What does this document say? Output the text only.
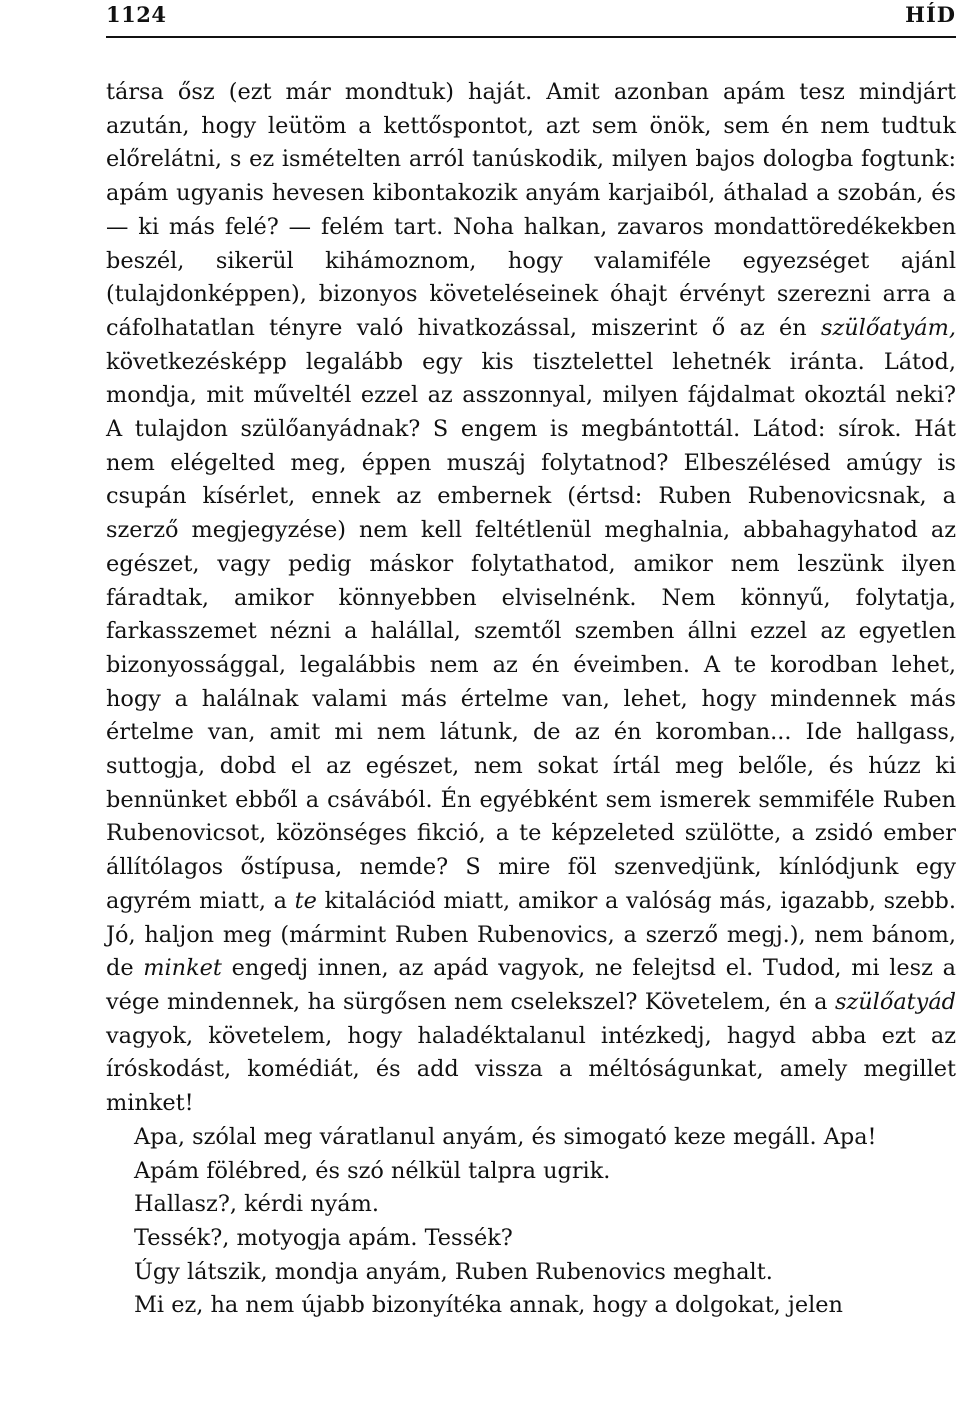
1124	HÍD

társa ősz (ezt már mondtuk) haját. Amit azonban apám tesz mindjárt azután, hogy leütöm a kettőspontot, azt sem önök, sem én nem tudtuk előrelátni, s ez ismételten arról tanúskodik, milyen bajos dologba fogtunk: apám ugyanis hevesen kibontakozik anyám karjaiból, áthalad a szobán, és — ki más felé? — felém tart. Noha halkan, zavaros mondattöredékekben beszél, sikerül kihámoznom, hogy valamiféle egyezséget ajánl (tulajdonképpen), bizonyos követeléseinek óhajt érvényt szerezni arra a cáfolhatatlan tényre való hivatkozással, miszerint ő az én szülőatyám, következésképp legalább egy kis tisztelettel lehetnék iránta. Látod, mondja, mit műveltél ezzel az asszonnyal, milyen fájdalmat okoztál neki? A tulajdon szülőanyádnak? S engem is megbántottál. Látod: sírok. Hát nem elégelted meg, éppen muszáj folytatnod? Elbeszélésed amúgy is csupán kísérlet, ennek az embernek (értsd: Ruben Rubenovicsnak, a szerző megjegyzése) nem kell feltétlenül meghalnia, abbahagyhatod az egészet, vagy pedig máskor folytathatod, amikor nem leszünk ilyen fáradtak, amikor könnyebben elviselnénk. Nem könnyű, folytatja, farkasszemet nézni a halállal, szemtől szemben állni ezzel az egyetlen bizonyossággal, legalábbis nem az én éveimben. A te korodban lehet, hogy a halálnak valami más értelme van, lehet, hogy mindennek más értelme van, amit mi nem látunk, de az én koromban... Ide hallgass, suttogja, dobd el az egészet, nem sokat írtál meg belőle, és húzz ki bennünket ebből a csávából. Én egyébként sem ismerek semmiféle Ruben Rubenovicsot, közönséges fikció, a te képzeleted szülötte, a zsidó ember állítólagos őstípusa, nemde? S mire föl szenvedjünk, kínlódjunk egy agyrém miatt, a te kitalációd miatt, amikor a valóság más, igazabb, szebb. Jó, haljon meg (mármint Ruben Rubenovics, a szerző megj.), nem bánom, de minket engedj innen, az apád vagyok, ne felejtsd el. Tudod, mi lesz a vége mindennek, ha sürgősen nem cselekszel? Követelem, én a szülőatyád vagyok, követelem, hogy haladéktalanul intézkedj, hagyd abba ezt az íróskodást, komédiát, és add vissza a méltóságunkat, amely megillet minket!

Apa, szólal meg váratlanul anyám, és simogató keze megáll. Apa!

Apám fölébred, és szó nélkül talpra ugrik.

Hallasz?, kérdi nyám.

Tessék?, motyogja apám. Tessék?

Úgy látszik, mondja anyám, Ruben Rubenovics meghalt.

Mi ez, ha nem újabb bizonyítéka annak, hogy a dolgokat, jelen
